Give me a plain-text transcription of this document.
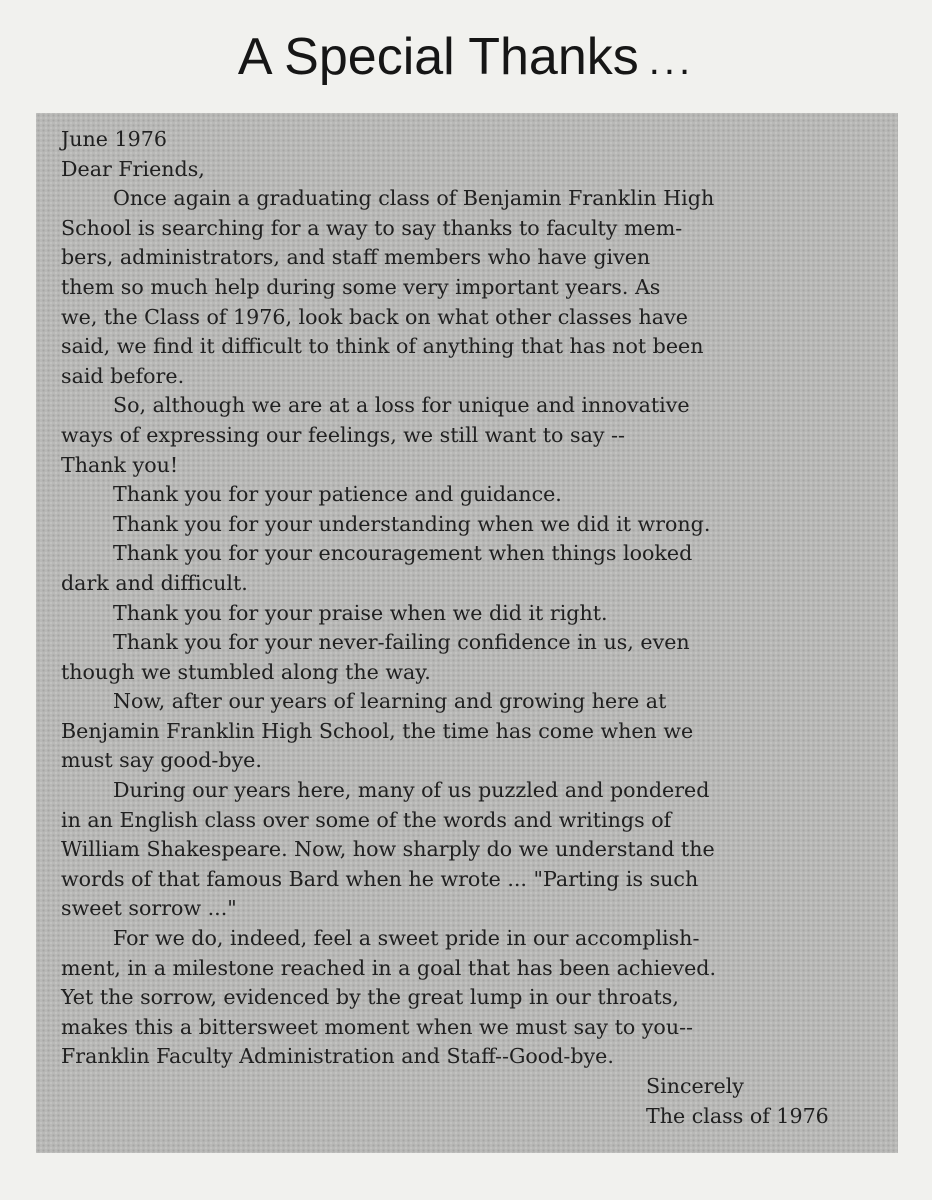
A Special Thanks ...
June 1976
Dear Friends,
Once again a graduating class of Benjamin Franklin High
School is searching for a way to say thanks to faculty mem-
bers, administrators, and staff members who have given
them so much help during some very important years. As
we, the Class of 1976, look back on what other classes have
said, we find it difficult to think of anything that has not been
said before.
So, although we are at a loss for unique and innovative
ways of expressing our feelings, we still want to say --
Thank you!
Thank you for your patience and guidance.
Thank you for your understanding when we did it wrong.
Thank you for your encouragement when things looked
dark and difficult.
Thank you for your praise when we did it right.
Thank you for your never-failing confidence in us, even
though we stumbled along the way.
Now, after our years of learning and growing here at
Benjamin Franklin High School, the time has come when we
must say good-bye.
During our years here, many of us puzzled and pondered
in an English class over some of the words and writings of
William Shakespeare. Now, how sharply do we understand the
words of that famous Bard when he wrote ... "Parting is such
sweet sorrow ..."
For we do, indeed, feel a sweet pride in our accomplish-
ment, in a milestone reached in a goal that has been achieved.
Yet the sorrow, evidenced by the great lump in our throats,
makes this a bittersweet moment when we must say to you--
Franklin Faculty Administration and Staff--Good-bye.
Sincerely
The class of 1976
